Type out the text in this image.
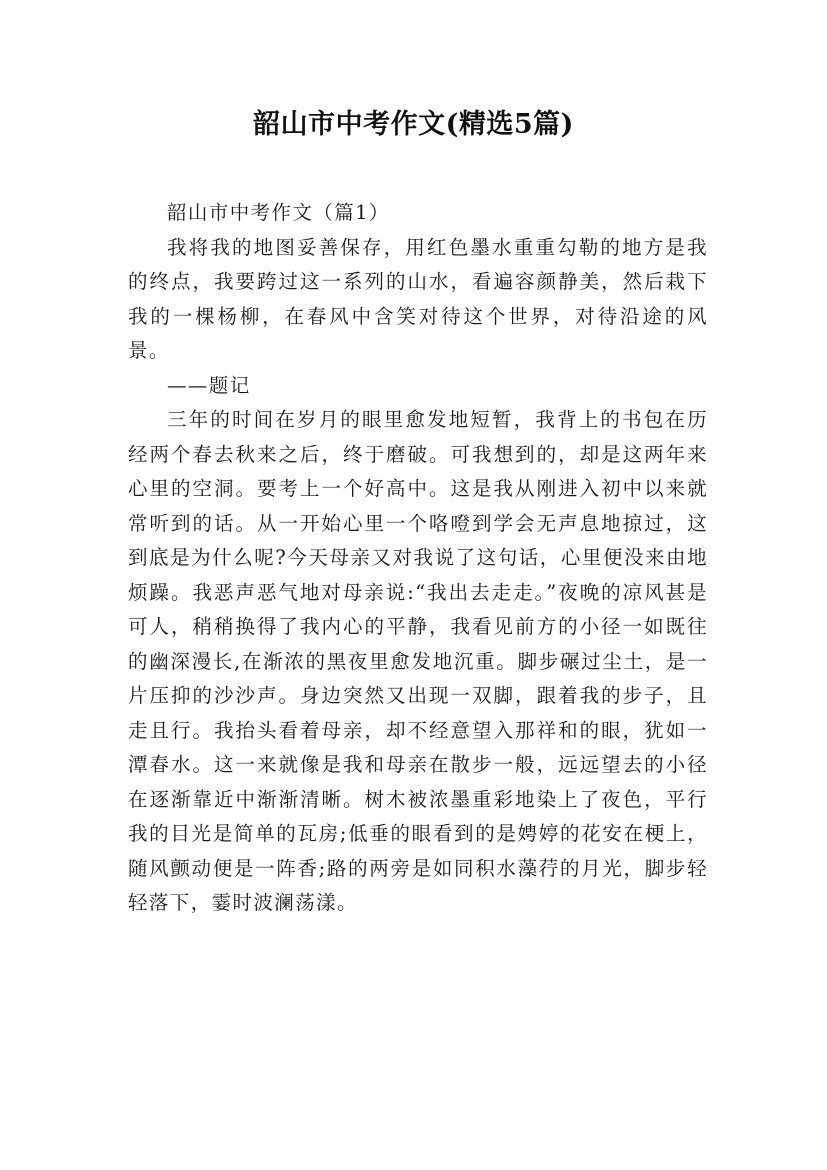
韶山市中考作文(精选5篇)

韶山市中考作文（篇1）

我将我的地图妥善保存，用红色墨水重重勾勒的地方是我的终点，我要跨过这一系列的山水，看遍容颜静美，然后栽下我的一棵杨柳，在春风中含笑对待这个世界，对待沿途的风景。

——题记

三年的时间在岁月的眼里愈发地短暂，我背上的书包在历经两个春去秋来之后，终于磨破。可我想到的，却是这两年来心里的空洞。要考上一个好高中。这是我从刚进入初中以来就常听到的话。从一开始心里一个咯噔到学会无声息地掠过，这到底是为什么呢?今天母亲又对我说了这句话，心里便没来由地烦躁。我恶声恶气地对母亲说:“我出去走走。”夜晚的凉风甚是可人，稍稍换得了我内心的平静，我看见前方的小径一如既往的幽深漫长,在渐浓的黑夜里愈发地沉重。脚步碾过尘土，是一片压抑的沙沙声。身边突然又出现一双脚，跟着我的步子，且走且行。我抬头看着母亲，却不经意望入那祥和的眼，犹如一潭春水。这一来就像是我和母亲在散步一般，远远望去的小径在逐渐靠近中渐渐清晰。树木被浓墨重彩地染上了夜色，平行我的目光是简单的瓦房;低垂的眼看到的是娉婷的花安在梗上，随风颤动便是一阵香;路的两旁是如同积水藻荇的月光，脚步轻轻落下，霎时波澜荡漾。
